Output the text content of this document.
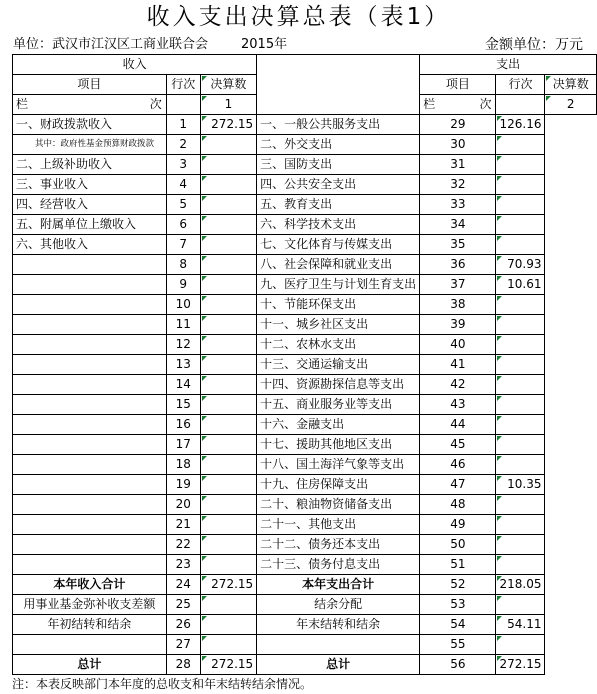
收入支出决算总表（表1）
单位：武汉市江汉区工商业联合会	2015年	金额单位：万元
收入				支出		
项目	行次	决算数		项目	行次	决算数

栏 次		1		栏 次		2
一、财政拨款收入	1	272.15	一、一般公共服务支出	29	126.16	
其中：政府性基金预算财政拨款	2		二、外交支出	30		
二、上级补助收入	3		三、国防支出	31		
三、事业收入	4		四、公共安全支出	32		
四、经营收入	5		五、教育支出	33		
五、附属单位上缴收入	6		六、科学技术支出	34		
六、其他收入	7		七、文化体育与传媒支出	35		
	8		八、社会保障和就业支出	36	70.93	
	9		九、医疗卫生与计划生育支出	37	10.61	
	10		十、节能环保支出	38		
	11		十一、城乡社区支出	39		
	12		十二、农林水支出	40		
	13		十三、交通运输支出	41		
	14		十四、资源勘探信息等支出	42		
	15		十五、商业服务业等支出	43		
	16		十六、金融支出	44		
	17		十七、援助其他地区支出	45		
	18		十八、国土海洋气象等支出	46		
	19		十九、住房保障支出	47	10.35	
	20		二十、粮油物资储备支出	48		
	21		二十一、其他支出	49		
	22		二十二、债务还本支出	50		
	23		二十三、债务付息支出	51		
本年收入合计	24	272.15	本年支出合计	52	218.05	
用事业基金弥补收支差额	25		结余分配	53		
年初结转和结余	26		年末结转和结余	54	54.11	
	27			55		
总计	28	272.15	总计	56	272.15	
注：本表反映部门本年度的总收支和年末结转结余情况。
